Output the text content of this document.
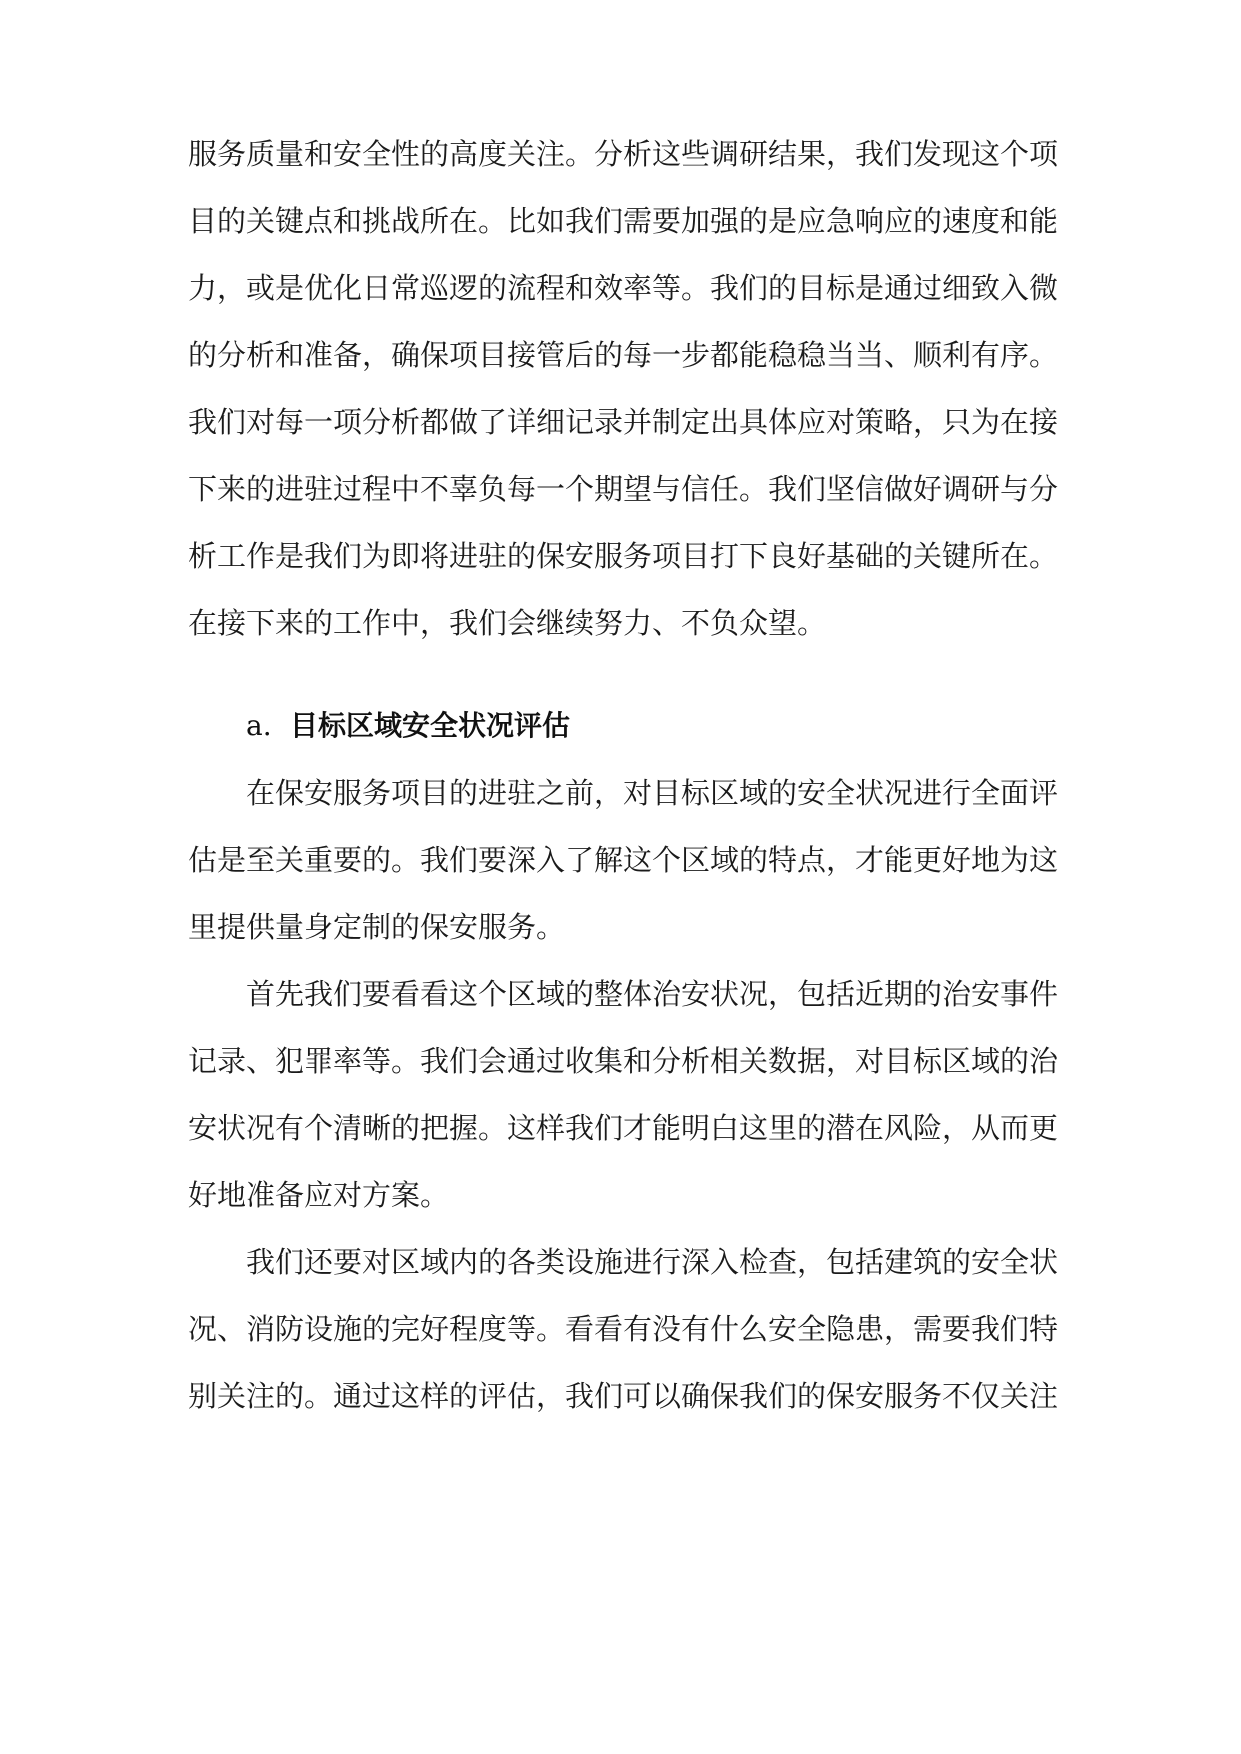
服务质量和安全性的高度关注。分析这些调研结果，我们发现这个项
目的关键点和挑战所在。比如我们需要加强的是应急响应的速度和能
力，或是优化日常巡逻的流程和效率等。我们的目标是通过细致入微
的分析和准备，确保项目接管后的每一步都能稳稳当当、顺利有序。
我们对每一项分析都做了详细记录并制定出具体应对策略，只为在接
下来的进驻过程中不辜负每一个期望与信任。我们坚信做好调研与分
析工作是我们为即将进驻的保安服务项目打下良好基础的关键所在。
在接下来的工作中，我们会继续努力、不负众望。
a. 目标区域安全状况评估
在保安服务项目的进驻之前，对目标区域的安全状况进行全面评
估是至关重要的。我们要深入了解这个区域的特点，才能更好地为这
里提供量身定制的保安服务。
首先我们要看看这个区域的整体治安状况，包括近期的治安事件
记录、犯罪率等。我们会通过收集和分析相关数据，对目标区域的治
安状况有个清晰的把握。这样我们才能明白这里的潜在风险，从而更
好地准备应对方案。
我们还要对区域内的各类设施进行深入检查，包括建筑的安全状
况、消防设施的完好程度等。看看有没有什么安全隐患，需要我们特
别关注的。通过这样的评估，我们可以确保我们的保安服务不仅关注
